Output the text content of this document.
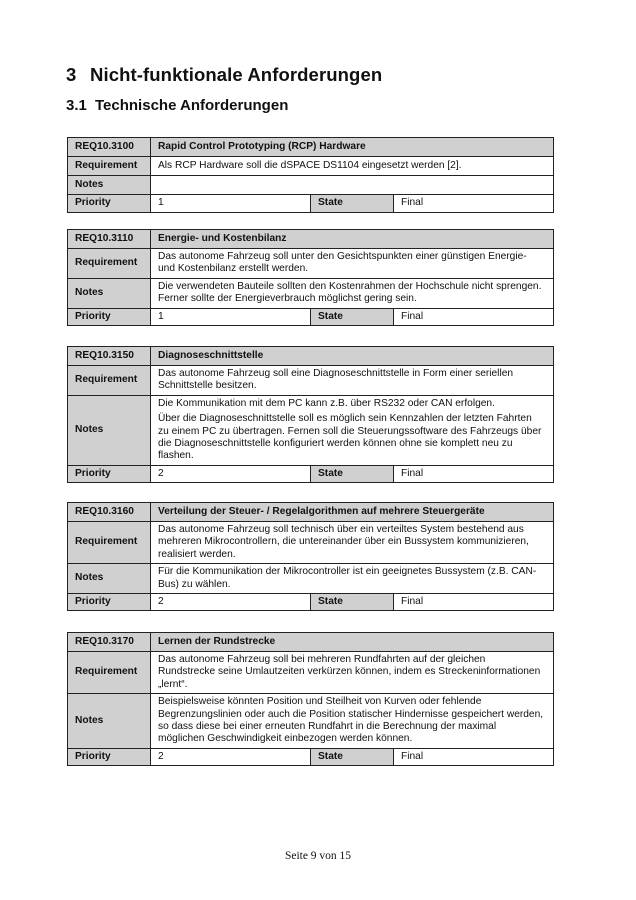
3 Nicht-funktionale Anforderungen
3.1 Technische Anforderungen
REQ10.3100	Rapid Control Prototyping (RCP) Hardware		
Requirement	Als RCP Hardware soll die dSPACE DS1104 eingesetzt werden [2].		
Notes			
Priority	1	State	Final
REQ10.3110	Energie- und Kostenbilanz		
Requirement	Das autonome Fahrzeug soll unter den Gesichtspunkten einer günstigen Energie- und Kostenbilanz erstellt werden.		
Notes	Die verwendeten Bauteile sollten den Kostenrahmen der Hochschule nicht sprengen. Ferner sollte der Energieverbrauch möglichst gering sein.		

Priority	1	State	Final
REQ10.3150	Diagnoseschnittstelle		
Requirement	Das autonome Fahrzeug soll eine Diagnoseschnittstelle in Form einer seriellen Schnittstelle besitzen.		
Notes	Die Kommunikation mit dem PC kann z.B. über RS232 oder CAN erfolgen.

Über die Diagnoseschnittstelle soll es möglich sein Kennzahlen der letzten Fahrten zu einem PC zu übertragen. Fernen soll die Steuerungssoftware des Fahrzeugs über die Diagnoseschnittstelle konfiguriert werden können ohne sie komplett neu zu flashen.		

Priority	2	State	Final
REQ10.3160	Verteilung der Steuer- / Regelalgorithmen auf mehrere Steuergeräte		
Requirement	Das autonome Fahrzeug soll technisch über ein verteiltes System bestehend aus mehreren Mikrocontrollern, die untereinander über ein Bussystem kommunizieren, realisiert werden.		
Notes	Für die Kommunikation der Mikrocontroller ist ein geeignetes Bussystem (z.B. CAN-Bus) zu wählen.		

Priority	2	State	Final
REQ10.3170	Lernen der Rundstrecke		
Requirement	Das autonome Fahrzeug soll bei mehreren Rundfahrten auf der gleichen Rundstrecke seine Umlautzeiten verkürzen können, indem es Streckeninformationen „lernt“.		
Notes	Beispielsweise könnten Position und Steilheit von Kurven oder fehlende Begrenzungslinien oder auch die Position statischer Hindernisse gespeichert werden, so dass diese bei einer erneuten Rundfahrt in die Berechnung der maximal möglichen Geschwindigkeit einbezogen werden können.		

Priority	2	State	Final
Seite 9 von 15
